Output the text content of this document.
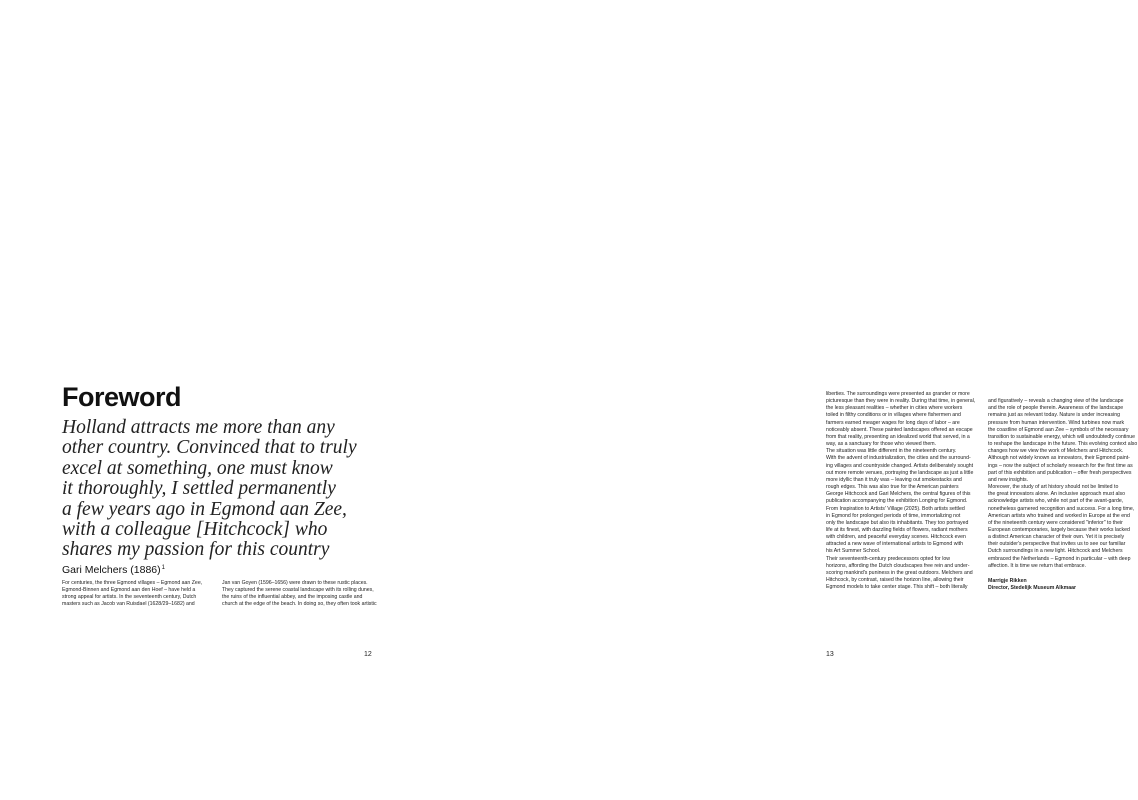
Foreword

Holland attracts me more than any
other country. Convinced that to truly
excel at something, one must know
it thoroughly, I settled permanently
a few years ago in Egmond aan Zee,
with a colleague [Hitchcock] who
shares my passion for this country

Gari Melchers $(1886)^1$

For centuries, the three Egmond villages – Egmond aan Zee,
Egmond-Binnen and Egmond aan den Hoef – have held a
strong appeal for artists. In the seventeenth century, Dutch
masters such as Jacob van Ruisdael (1628/29–1682) and

Jan van Goyen (1596–1656) were drawn to these rustic places.
They captured the serene coastal landscape with its rolling dunes,
the ruins of the influential abbey, and the imposing castle and
church at the edge of the beach. In doing so, they often took artistic

12

liberties. The surroundings were presented as grander or more
picturesque than they were in reality. During that time, in general,
the less pleasant realities – whether in cities where workers
toiled in filthy conditions or in villages where fishermen and
farmers earned meager wages for long days of labor – are
noticeably absent. These painted landscapes offered an escape
from that reality, presenting an idealized world that served, in a
way, as a sanctuary for those who viewed them.
The situation was little different in the nineteenth century.
With the advent of industrialization, the cities and the surround-
ing villages and countryside changed. Artists deliberately sought
out more remote venues, portraying the landscape as just a little
more idyllic than it truly was – leaving out smokestacks and
rough edges. This was also true for the American painters
George Hitchcock and Gari Melchers, the central figures of this
publication accompanying the exhibition Longing for Egmond.
From Inspiration to Artists' Village (2025). Both artists settled
in Egmond for prolonged periods of time, immortalizing not
only the landscape but also its inhabitants. They too portrayed
life at its finest, with dazzling fields of flowers, radiant mothers
with children, and peaceful everyday scenes. Hitchcock even
attracted a new wave of international artists to Egmond with
his Art Summer School.
Their seventeenth-century predecessors opted for low
horizons, affording the Dutch cloudscapes free rein and under-
scoring mankind's puniness in the great outdoors. Melchers and
Hitchcock, by contrast, raised the horizon line, allowing their
Egmond models to take center stage. This shift – both literally

and figuratively – reveals a changing view of the landscape
and the role of people therein. Awareness of the landscape
remains just as relevant today. Nature is under increasing
pressure from human intervention. Wind turbines now mark
the coastline of Egmond aan Zee – symbols of the necessary
transition to sustainable energy, which will undoubtedly continue
to reshape the landscape in the future. This evolving context also
changes how we view the work of Melchers and Hitchcock.
Although not widely known as innovators, their Egmond paint-
ings – now the subject of scholarly research for the first time as
part of this exhibition and publication – offer fresh perspectives
and new insights.
Moreover, the study of art history should not be limited to
the great innovators alone. An inclusive approach must also
acknowledge artists who, while not part of the avant-garde,
nonetheless garnered recognition and success. For a long time,
American artists who trained and worked in Europe at the end
of the nineteenth century were considered "inferior" to their
European contemporaries, largely because their works lacked
a distinct American character of their own. Yet it is precisely
their outsider's perspective that invites us to see our familiar
Dutch surroundings in a new light. Hitchcock and Melchers
embraced the Netherlands – Egmond in particular – with deep
affection. It is time we return that embrace.

Marrigje Rikken
Director, Stedelijk Museum Alkmaar

13
